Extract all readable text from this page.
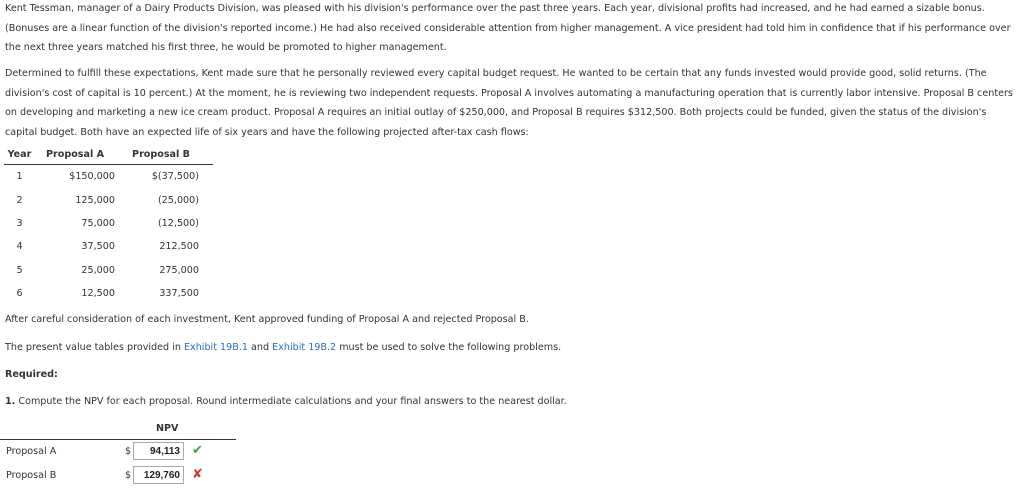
Kent Tessman, manager of a Dairy Products Division, was pleased with his division's performance over the past three years. Each year, divisional profits had increased, and he had earned a sizable bonus. (Bonuses are a linear function of the division's reported income.) He had also received considerable attention from higher management. A vice president had told him in confidence that if his performance over the next three years matched his first three, he would be promoted to higher management.

Determined to fulfill these expectations, Kent made sure that he personally reviewed every capital budget request. He wanted to be certain that any funds invested would provide good, solid returns. (The division's cost of capital is 10 percent.) At the moment, he is reviewing two independent requests. Proposal A involves automating a manufacturing operation that is currently labor intensive. Proposal B centers on developing and marketing a new ice cream product. Proposal A requires an initial outlay of $250,000, and Proposal B requires $312,500. Both projects could be funded, given the status of the division's capital budget. Both have an expected life of six years and have the following projected after-tax cash flows:

Year	Proposal A	Proposal B
1	$150,000	$(37,500)
2	125,000	(25,000)
3	75,000	(12,500)
4	37,500	212,500
5	25,000	275,000
6	12,500	337,500

After careful consideration of each investment, Kent approved funding of Proposal A and rejected Proposal B.

The present value tables provided in Exhibit 19B.1 and Exhibit 19B.2 must be used to solve the following problems.

Required:

1. Compute the NPV for each proposal. Round intermediate calculations and your final answers to the nearest dollar.

NPV
Proposal A	$	94,113 ✔
Proposal B	$	129,760 ✘
